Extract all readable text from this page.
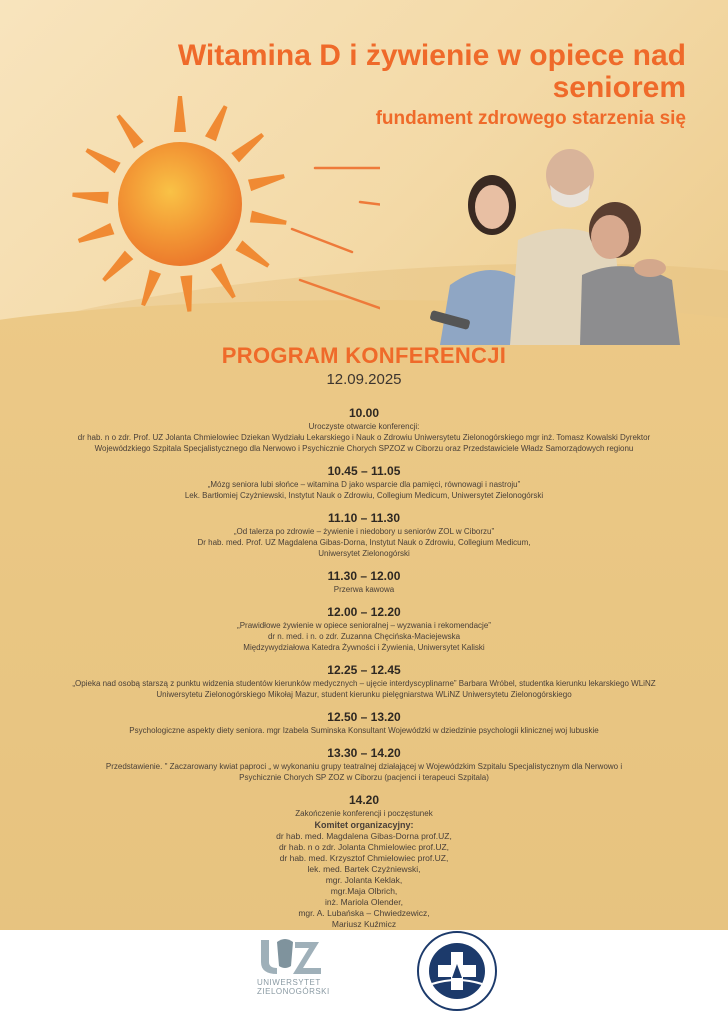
Witamina D i żywienie w opiece nad
seniorem
fundament zdrowego starzenia się
PROGRAM KONFERENCJI
12.09.2025
10.00
Uroczyste otwarcie konferencji:
dr hab. n o zdr. Prof. UZ Jolanta Chmielowiec Dziekan Wydziału Lekarskiego i Nauk o Zdrowiu Uniwersytetu Zielonogórskiego mgr inż. Tomasz Kowalski Dyrektor
Wojewódzkiego Szpitala Specjalistycznego dla Nerwowo i Psychicznie Chorych SPZOZ w Ciborzu oraz Przedstawiciele Władz Samorządowych regionu
10.45 – 11.05
„Mózg seniora lubi słońce – witamina D jako wsparcie dla pamięci, równowagi i nastroju”
Lek. Bartłomiej Czyżniewski, Instytut Nauk o Zdrowiu, Collegium Medicum, Uniwersytet Zielonogórski
11.10 – 11.30
„Od talerza po zdrowie – żywienie i niedobory u seniorów ZOL w Ciborzu”
Dr hab. med. Prof. UZ Magdalena Gibas-Dorna, Instytut Nauk o Zdrowiu, Collegium Medicum,
Uniwersytet Zielonogórski
11.30 – 12.00
Przerwa kawowa
12.00 – 12.20
„Prawidłowe żywienie w opiece senioralnej – wyzwania i rekomendacje”
dr n. med. i n. o zdr. Zuzanna Chęcińska-Maciejewska
Międzywydziałowa Katedra Żywności i Żywienia, Uniwersytet Kaliski
12.25 – 12.45
„Opieka nad osobą starszą z punktu widzenia studentów kierunków medycznych – ujęcie interdyscyplinarne” Barbara Wróbel, studentka kierunku lekarskiego WLiNZ
Uniwersytetu Zielonogórskiego Mikołaj Mazur, student kierunku pielęgniarstwa WLiNZ Uniwersytetu Zielonogórskiego
12.50 – 13.20
Psychologiczne aspekty diety seniora. mgr Izabela Suminska Konsultant Wojewódzki w dziedzinie psychologii klinicznej woj lubuskie
13.30 – 14.20
Przedstawienie. " Zaczarowany kwiat paproci „ w wykonaniu grupy teatralnej działającej w Wojewódzkim Szpitalu Specjalistycznym dla Nerwowo i
Psychicznie Chorych SP ZOZ w Ciborzu (pacjenci i terapeuci Szpitala)
14.20
Zakończenie konferencji i poczęstunek
Komitet organizacyjny:
dr hab. med. Magdalena Gibas-Dorna prof.UZ,
dr hab. n o zdr. Jolanta Chmielowiec prof.UZ,
dr hab. med. Krzysztof Chmielowiec prof.UZ,
lek. med. Bartek Czyżniewski,
mgr. Jolanta Keklak,
mgr.Maja Olbrich,
inż. Mariola Olender,
mgr. A. Lubańska – Chwiedzewicz,
Mariusz Kuźmicz
UNIWERSYTET
ZIELONOGÓRSKI
